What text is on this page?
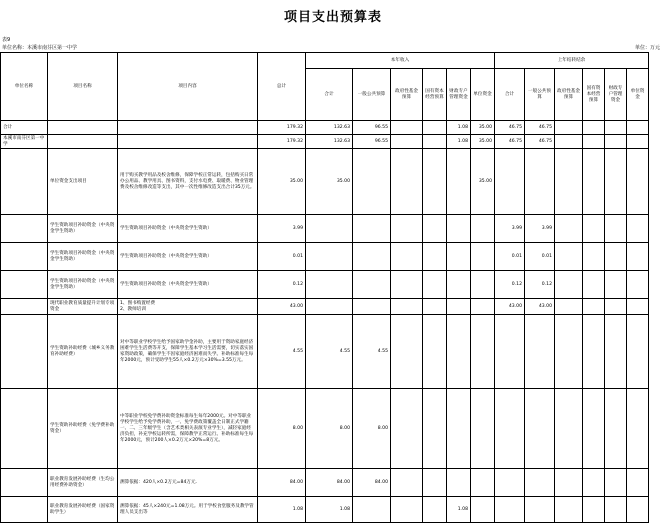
项目支出预算表
表9
单位名称：本溪市南芬区第一中学	单位：万元
单位名称	项目名称	项目内容	总计	本年收入						上年结转结余					
				合计	一般公共预算	政府性基金预算	国有资本经营预算	财政专户管理资金	单位资金	合计	一般公共预算	政府性基金预算	国有资本经营预算	财政专户管理资金	单位资金
合计			179.32	132.63	96.55			1.08	35.00	46.75	46.75				
本溪市南芬区第一中学			179.32	132.63	96.55			1.08	35.00	46.75	46.75				
	单位资金支出项目	用于购买教学用品及校舍维修，保障学校正常运转，包括购买日常办公用品、教学用具、图书资料，支付水电费、取暖费、物业管理费及校舍维修改造等支出，其中一次性维修改造支出合计35万元。	35.00	35.00					35.00						
	学生资助项目补助资金（中央资金学生资助）	学生资助项目补助资金（中央资金学生资助）	3.99							3.99	3.99				
	学生资助项目补助资金（中央资金学生资助）	学生资助项目补助资金（中央资金学生资助）	0.01							0.01	0.01				
	学生资助项目补助资金（中央资金学生资助）	学生资助项目补助资金（中央资金学生资助）	0.12							0.12	0.12				
	现代职业教育质量提升计划专项资金	1、图书购置经费
2、教师培训	43.00							43.00	43.00				
	学生资助补助经费（城乡义务教育补助经费）	对中等职业学校学生给予国家助学金补助，主要用于资助家庭经济困难学生生活费等开支，保障学生基本学习生活需要，切实落实国家资助政策，确保学生不因家庭经济困难而失学。补助标准每生每年2000元，预计受助学生55人×0.2万元×30%=3.55万元。	4.55	4.55	4.55										
	学生资助补助经费（免学费补助资金）	中等职业学校免学费补助资金标准每生每年2000元。对中等职业学校学生给予免学费补助，一、免学费政策覆盖全日制正式学籍一、二、三年级学生（含艺术类相关表演专业学生），减轻家庭经济负担，补充学校运转所需，保障教学正常运行。补助标准每生每年2000元，预计200人×0.2万元×20%=8万元。	8.00	8.00	8.00										
	职业教育发展补助经费（生均公用经费补助资金）	测算依据：420人×0.2万元=84万元.	84.00	84.00	84.00										
	职业教育发展补助经费（国家资助学生）	测算依据：45人×240元=1.08万元。用于学校食堂服务及教学管理人员支出等	1.08	1.08				1.08							
